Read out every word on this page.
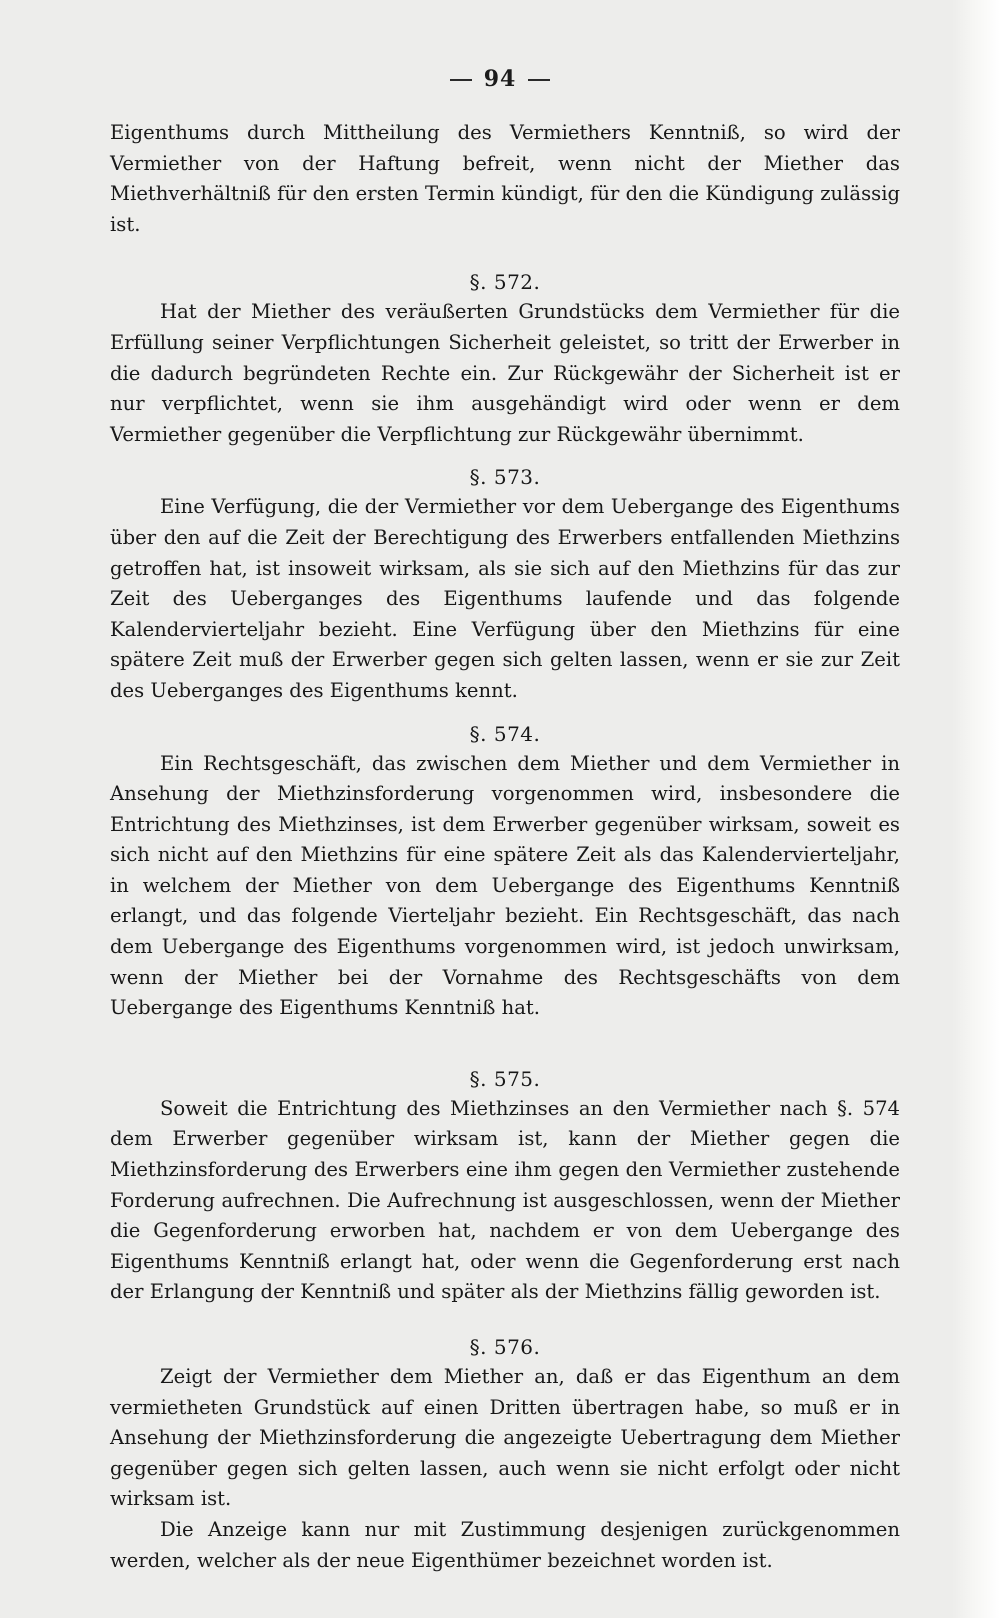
94

Eigenthums durch Mittheilung des Vermiethers Kenntniß, so wird der Vermiether von der Haftung befreit, wenn nicht der Miether das Miethverhältniß für den ersten Termin kündigt, für den die Kündigung zulässig ist.

§. 572.

Hat der Miether des veräußerten Grundstücks dem Vermiether für die Erfüllung seiner Verpflichtungen Sicherheit geleistet, so tritt der Erwerber in die dadurch begründeten Rechte ein. Zur Rückgewähr der Sicherheit ist er nur verpflichtet, wenn sie ihm ausgehändigt wird oder wenn er dem Vermiether gegenüber die Verpflichtung zur Rückgewähr übernimmt.

§. 573.

Eine Verfügung, die der Vermiether vor dem Uebergange des Eigenthums über den auf die Zeit der Berechtigung des Erwerbers entfallenden Miethzins getroffen hat, ist insoweit wirksam, als sie sich auf den Miethzins für das zur Zeit des Ueberganges des Eigenthums laufende und das folgende Kalendervierteljahr bezieht. Eine Verfügung über den Miethzins für eine spätere Zeit muß der Erwerber gegen sich gelten lassen, wenn er sie zur Zeit des Ueberganges des Eigenthums kennt.

§. 574.

Ein Rechtsgeschäft, das zwischen dem Miether und dem Vermiether in Ansehung der Miethzinsforderung vorgenommen wird, insbesondere die Entrichtung des Miethzinses, ist dem Erwerber gegenüber wirksam, soweit es sich nicht auf den Miethzins für eine spätere Zeit als das Kalendervierteljahr, in welchem der Miether von dem Uebergange des Eigenthums Kenntniß erlangt, und das folgende Vierteljahr bezieht. Ein Rechtsgeschäft, das nach dem Uebergange des Eigenthums vorgenommen wird, ist jedoch unwirksam, wenn der Miether bei der Vornahme des Rechtsgeschäfts von dem Uebergange des Eigenthums Kenntniß hat.

§. 575.

Soweit die Entrichtung des Miethzinses an den Vermiether nach §. 574 dem Erwerber gegenüber wirksam ist, kann der Miether gegen die Miethzinsforderung des Erwerbers eine ihm gegen den Vermiether zustehende Forderung aufrechnen. Die Aufrechnung ist ausgeschlossen, wenn der Miether die Gegenforderung erworben hat, nachdem er von dem Uebergange des Eigenthums Kenntniß erlangt hat, oder wenn die Gegenforderung erst nach der Erlangung der Kenntniß und später als der Miethzins fällig geworden ist.

§. 576.

Zeigt der Vermiether dem Miether an, daß er das Eigenthum an dem vermietheten Grundstück auf einen Dritten übertragen habe, so muß er in Ansehung der Miethzinsforderung die angezeigte Uebertragung dem Miether gegenüber gegen sich gelten lassen, auch wenn sie nicht erfolgt oder nicht wirksam ist.

Die Anzeige kann nur mit Zustimmung desjenigen zurückgenommen werden, welcher als der neue Eigenthümer bezeichnet worden ist.
